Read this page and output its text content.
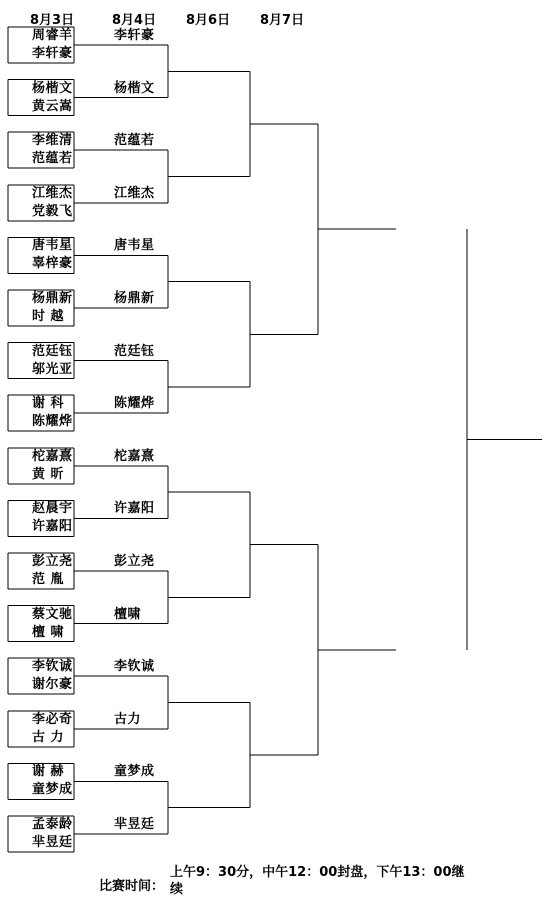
8月3日	8月4日 8月6日 8月7日
周睿羊
李轩豪
李轩豪
杨楷文
黄云嵩
杨楷文
李维清
范蕴若
范蕴若
江维杰
党毅飞
江维杰
唐韦星
辜梓豪
唐韦星
杨鼎新
时 越
杨鼎新
范廷钰
邬光亚
范廷钰
谢 科
陈耀烨
陈耀烨
柁嘉熹
黄 昕
柁嘉熹
赵晨宇
许嘉阳
许嘉阳
彭立尧
范 胤
彭立尧
蔡文驰
檀 啸
檀啸
李钦诚
谢尔豪
李钦诚
李必奇
古 力
古力
谢 赫
童梦成
童梦成
孟泰龄
芈昱廷
芈昱廷
比赛时间：
上午9：30分，中午12：00封盘，下午13：00继续
